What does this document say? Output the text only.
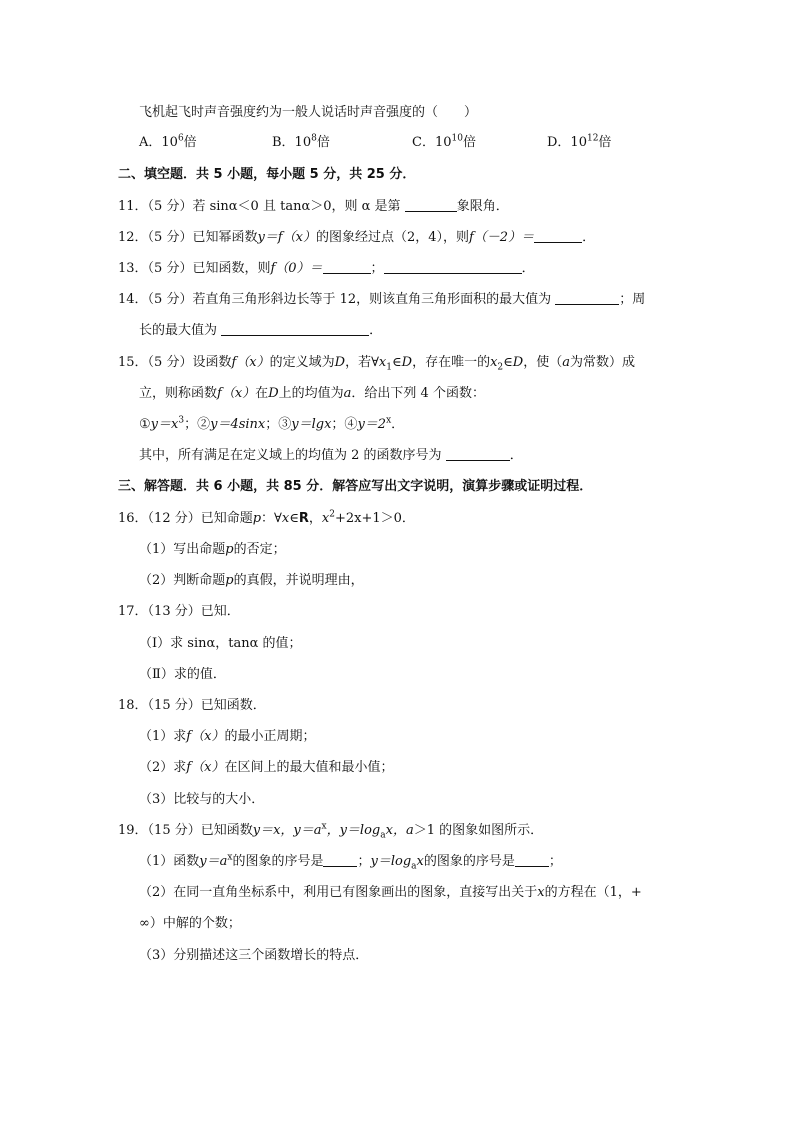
飞机起飞时声音强度约为一般人说话时声音强度的（　　）
A．$10^6$倍	B．$10^8$倍	C．$10^{10}$倍	D．$10^{12}$倍
二、填空题．共 5 小题，每小题 5 分，共 25 分．
11．（5 分）若 sinα＜0 且 tanα＞0，则 α 是第	象限角．
12．（5 分）已知幂函数y＝f（x）的图象经过点（2，4），则f（－2）＝	．
13．（5 分）已知函数，则f（0）＝	；	．
14．（5 分）若直角三角形斜边长等于 12，则该直角三角形面积的最大值为	；周
长的最大值为	．
15．（5 分）设函数f（x）的定义域为D，若$\forall x_1\in D$，存在唯一的$x_2\in D$，使（a为常数）成
立，则称函数f（x）在D上的均值为a．给出下列 4 个函数：
$①y=x^3$；②y＝4sinx；③y＝lgx；$④y=2^x$．
其中，所有满足在定义域上的均值为 2 的函数序号为	．
三、解答题．共 6 小题，共 85 分．解答应写出文字说明，演算步骤或证明过程．
16．（12 分）已知命题p：∀x∈R，$x^2+2x+1>0$．
（1）写出命题p的否定；
（2）判断命题p的真假，并说明理由，
17．（13 分）已知．
（Ⅰ）求 sinα，tanα 的值；
（Ⅱ）求的值．
18．（15 分）已知函数．
（1）求f（x）的最小正周期；
（2）求f（x）在区间上的最大值和最小值；
（3）比较与的大小．
19．（15 分）已知函数y＝x，$y=a^x$，$y=\log_ax$，a＞1 的图象如图所示．
（1）函数$y=a^x$的图象的序号是	；$y=\log_ax$的图象的序号是	；
（2）在同一直角坐标系中，利用已有图象画出的图象，直接写出关于x的方程在（1，+
∞）中解的个数；
（3）分别描述这三个函数增长的特点．
